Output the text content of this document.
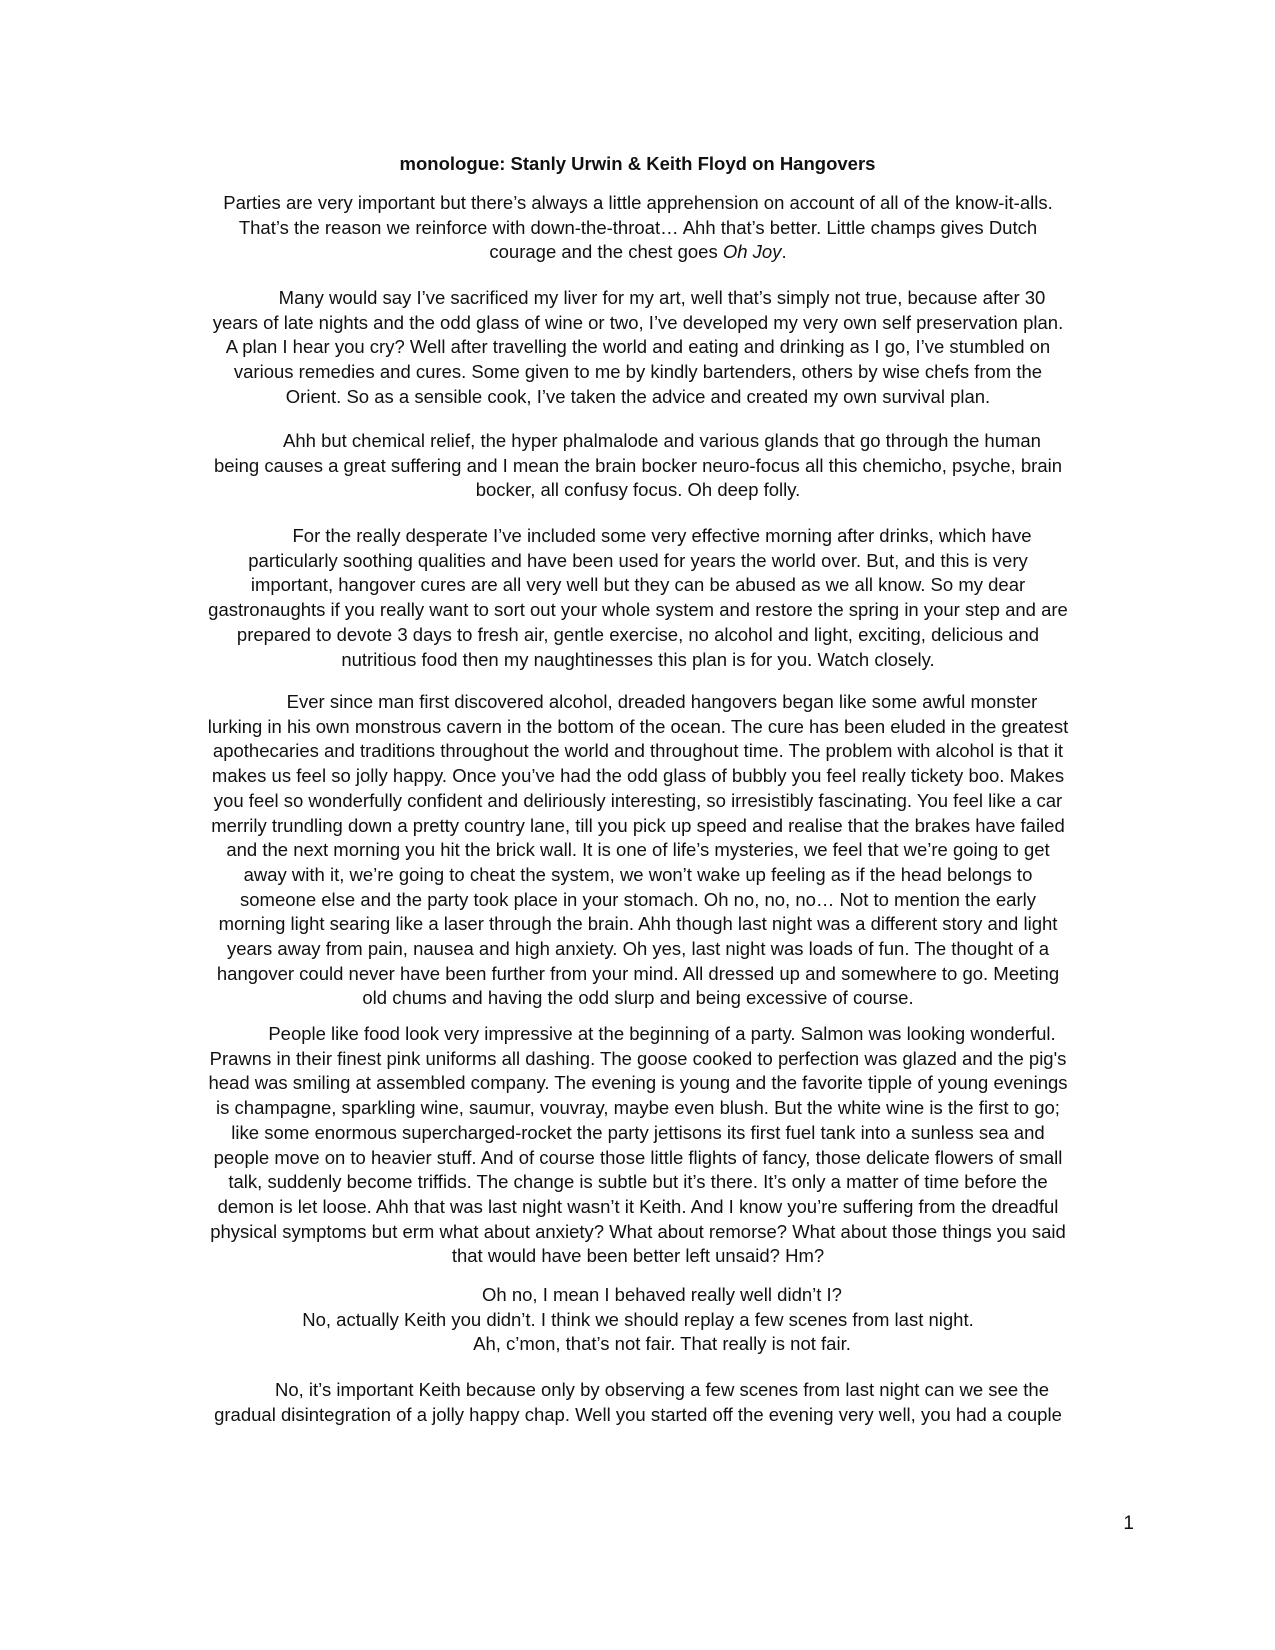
monologue: Stanly Urwin & Keith Floyd on Hangovers
Parties are very important but there’s always a little apprehension on account of all of the know-it-alls.
That’s the reason we reinforce with down-the-throat… Ahh that’s better. Little champs gives Dutch
courage and the chest goes Oh Joy.
Many would say I’ve sacrificed my liver for my art, well that’s simply not true, because after 30
years of late nights and the odd glass of wine or two, I’ve developed my very own self preservation plan.
A plan I hear you cry? Well after travelling the world and eating and drinking as I go, I’ve stumbled on
various remedies and cures. Some given to me by kindly bartenders, others by wise chefs from the
Orient. So as a sensible cook, I’ve taken the advice and created my own survival plan.
Ahh but chemical relief, the hyper phalmalode and various glands that go through the human
being causes a great suffering and I mean the brain bocker neuro-focus all this chemicho, psyche, brain
bocker, all confusy focus. Oh deep folly.
For the really desperate I’ve included some very effective morning after drinks, which have
particularly soothing qualities and have been used for years the world over. But, and this is very
important, hangover cures are all very well but they can be abused as we all know. So my dear
gastronaughts if you really want to sort out your whole system and restore the spring in your step and are
prepared to devote 3 days to fresh air, gentle exercise, no alcohol and light, exciting, delicious and
nutritious food then my naughtinesses this plan is for you. Watch closely.
Ever since man first discovered alcohol, dreaded hangovers began like some awful monster
lurking in his own monstrous cavern in the bottom of the ocean. The cure has been eluded in the greatest
apothecaries and traditions throughout the world and throughout time. The problem with alcohol is that it
makes us feel so jolly happy. Once you’ve had the odd glass of bubbly you feel really tickety boo. Makes
you feel so wonderfully confident and deliriously interesting, so irresistibly fascinating. You feel like a car
merrily trundling down a pretty country lane, till you pick up speed and realise that the brakes have failed
and the next morning you hit the brick wall. It is one of life’s mysteries, we feel that we’re going to get
away with it, we’re going to cheat the system, we won’t wake up feeling as if the head belongs to
someone else and the party took place in your stomach. Oh no, no, no… Not to mention the early
morning light searing like a laser through the brain. Ahh though last night was a different story and light
years away from pain, nausea and high anxiety. Oh yes, last night was loads of fun. The thought of a
hangover could never have been further from your mind. All dressed up and somewhere to go. Meeting
old chums and having the odd slurp and being excessive of course.
People like food look very impressive at the beginning of a party. Salmon was looking wonderful.
Prawns in their finest pink uniforms all dashing. The goose cooked to perfection was glazed and the pig's
head was smiling at assembled company. The evening is young and the favorite tipple of young evenings
is champagne, sparkling wine, saumur, vouvray, maybe even blush. But the white wine is the first to go;
like some enormous supercharged-rocket the party jettisons its first fuel tank into a sunless sea and
people move on to heavier stuff. And of course those little flights of fancy, those delicate flowers of small
talk, suddenly become triffids. The change is subtle but it’s there. It’s only a matter of time before the
demon is let loose. Ahh that was last night wasn’t it Keith. And I know you’re suffering from the dreadful
physical symptoms but erm what about anxiety? What about remorse? What about those things you said
that would have been better left unsaid? Hm?
Oh no, I mean I behaved really well didn’t I?
No, actually Keith you didn’t. I think we should replay a few scenes from last night.
Ah, c’mon, that’s not fair. That really is not fair.
No, it’s important Keith because only by observing a few scenes from last night can we see the
gradual disintegration of a jolly happy chap. Well you started off the evening very well, you had a couple
1
